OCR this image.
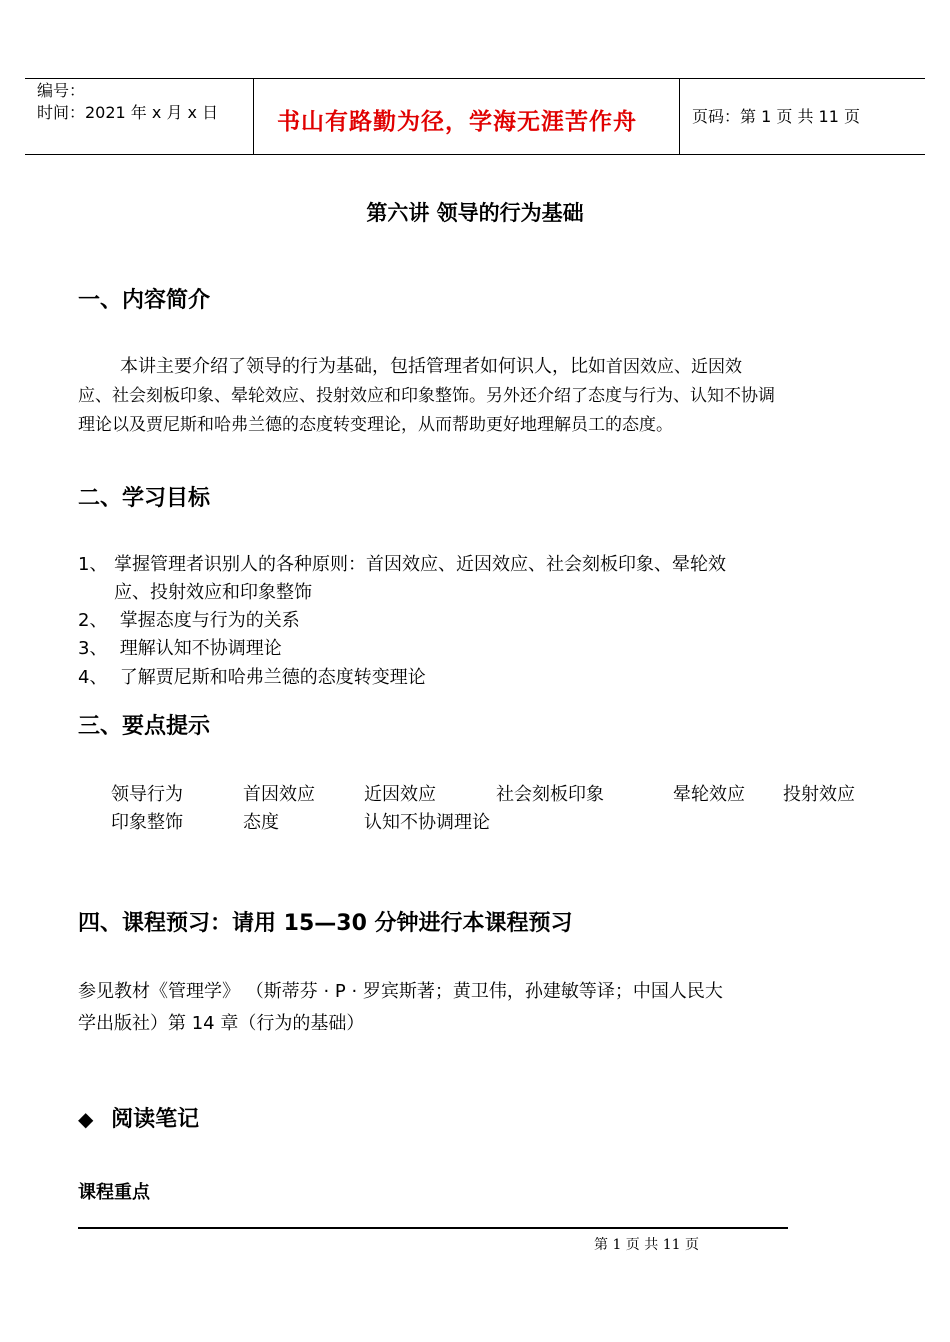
编号：
时间：2021 年 x 月 x 日	书山有路勤为径，学海无涯苦作舟	页码：第 1 页 共 11 页
第六讲 领导的行为基础
一、内容简介
本讲主要介绍了领导的行为基础，包括管理者如何识人，比如首因效应、近因效
应、社会刻板印象、晕轮效应、投射效应和印象整饰。另外还介绍了态度与行为、认知不协调
理论以及贾尼斯和哈弗兰德的态度转变理论，从而帮助更好地理解员工的态度。
二、学习目标
1、 掌握管理者识别人的各种原则：首因效应、近因效应、社会刻板印象、晕轮效
应、投射效应和印象整饰
2、 掌握态度与行为的关系
3、 理解认知不协调理论
4、 了解贾尼斯和哈弗兰德的态度转变理论
三、要点提示
领导行为	首因效应	近因效应	社会刻板印象	晕轮效应 投射效应
印象整饰	态度	认知不协调理论
四、课程预习：请用 15—30 分钟进行本课程预习
参见教材《管理学》 （斯蒂芬 · P · 罗宾斯著；黄卫伟，孙建敏等译；中国人民大
学出版社）第 14 章（行为的基础）
◆ 阅读笔记
课程重点
第 1 页 共 11 页
